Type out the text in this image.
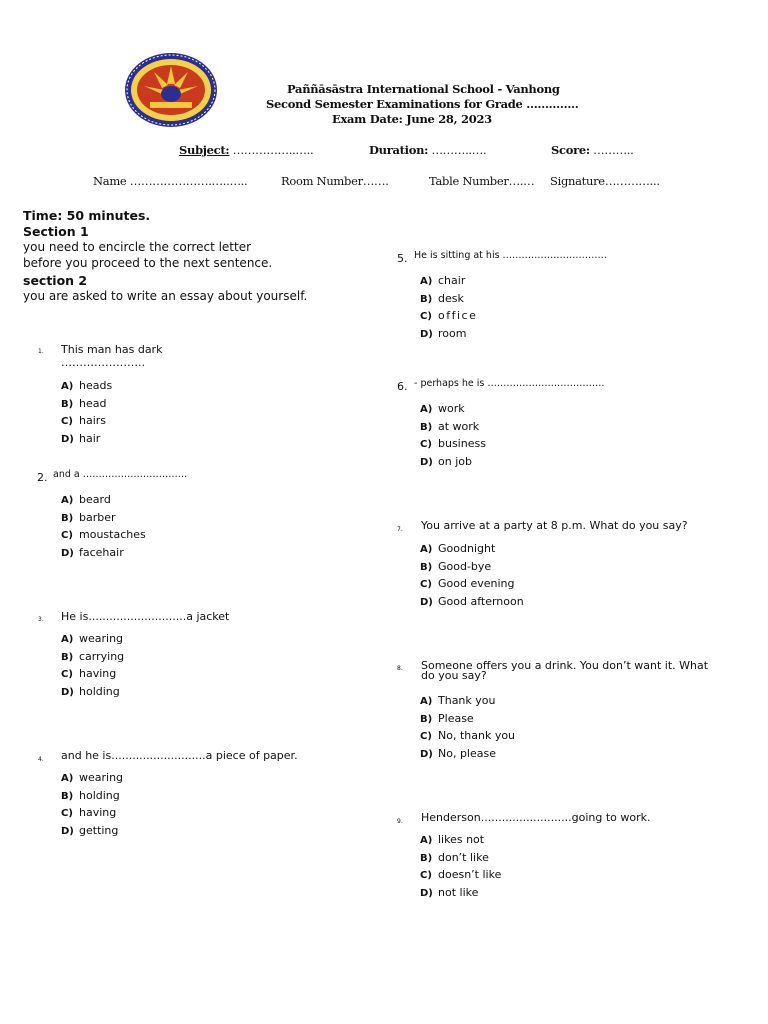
Paññāsāstra International School - Vanhong
Second Semester Examinations for Grade …………..
Exam Date: June 28, 2023
Subject: ……………..…..	Duration: ………..….	Score: ………..
Name ………………….…..…..	Room Number…….	Table Number….… Signature…………...
Time: 50 minutes.
Section 1
you need to encircle the correct letter
before you proceed to the next sentence.
section 2
you are asked to write an essay about yourself.
1. This man has dark
…………………..
A) heads
B) head
C) hairs
D) hair
2. and a ……………………………
A) beard
B) barber
C) moustaches
D) facehair
3. He is............................a jacket
A) wearing
B) carrying
C) having
D) holding
4. and he is...........................a piece of paper.
A) wearing
B) holding
C) having
D) getting
5. He is sitting at his ……………………………
A) chair
B) desk
C) office
D) room
6. - perhaps he is ……………………………….
A) work
B) at work
C) business
D) on job
7. You arrive at a party at 8 p.m. What do you say?
A) Goodnight
B) Good-bye
C) Good evening
D) Good afternoon
8. Someone offers you a drink. You don’t want it. What
do you say?
A) Thank you
B) Please
C) No, thank you
D) No, please
9. Henderson..........................going to work.
A) likes not
B) don’t like
C) doesn’t like
D) not like
